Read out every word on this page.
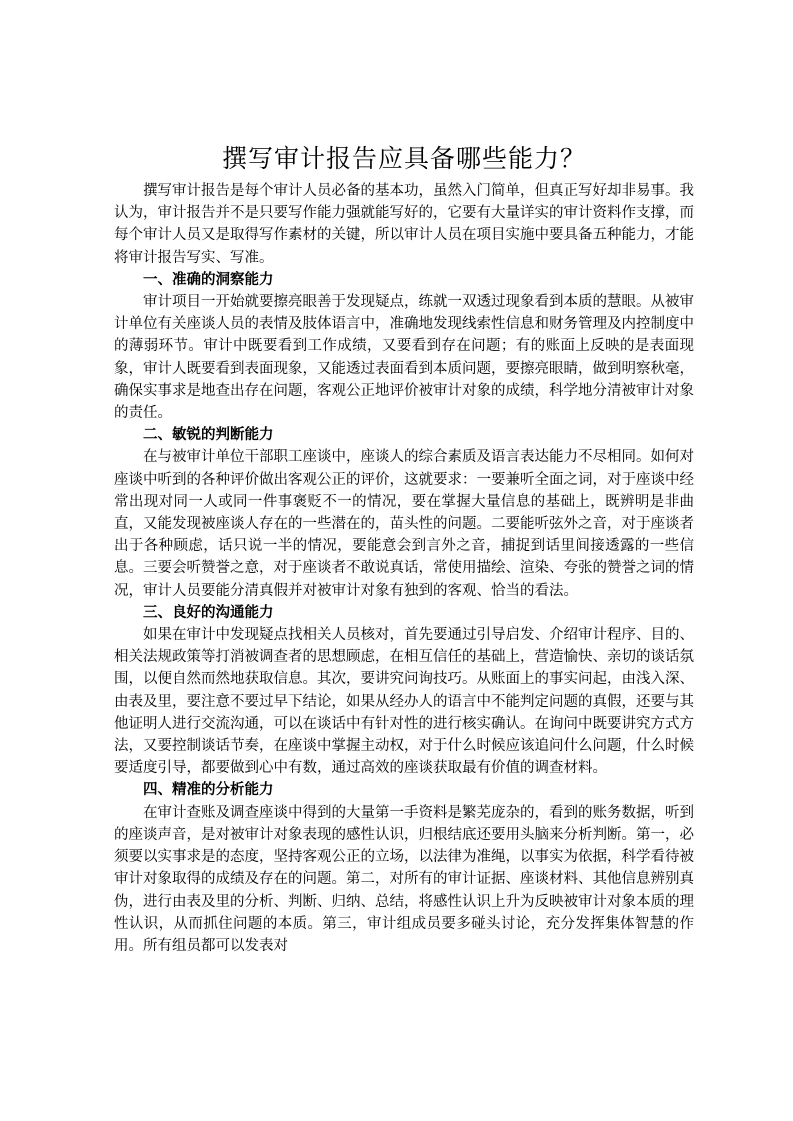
撰写审计报告应具备哪些能力？

撰写审计报告是每个审计人员必备的基本功，虽然入门简单，但真正写好却非易事。我认为，审计报告并不是只要写作能力强就能写好的，它要有大量详实的审计资料作支撑，而每个审计人员又是取得写作素材的关键，所以审计人员在项目实施中要具备五种能力，才能将审计报告写实、写准。

一、准确的洞察能力

审计项目一开始就要擦亮眼善于发现疑点，练就一双透过现象看到本质的慧眼。从被审计单位有关座谈人员的表情及肢体语言中，准确地发现线索性信息和财务管理及内控制度中的薄弱环节。审计中既要看到工作成绩，又要看到存在问题；有的账面上反映的是表面现象，审计人既要看到表面现象，又能透过表面看到本质问题，要擦亮眼睛，做到明察秋毫，确保实事求是地查出存在问题，客观公正地评价被审计对象的成绩，科学地分清被审计对象的责任。

二、敏锐的判断能力

在与被审计单位干部职工座谈中，座谈人的综合素质及语言表达能力不尽相同。如何对座谈中听到的各种评价做出客观公正的评价，这就要求：一要兼听全面之词，对于座谈中经常出现对同一人或同一件事褒贬不一的情况，要在掌握大量信息的基础上，既辨明是非曲直，又能发现被座谈人存在的一些潜在的，苗头性的问题。二要能听弦外之音，对于座谈者出于各种顾虑，话只说一半的情况，要能意会到言外之音，捕捉到话里间接透露的一些信息。三要会听赞誉之意，对于座谈者不敢说真话，常使用描绘、渲染、夸张的赞誉之词的情况，审计人员要能分清真假并对被审计对象有独到的客观、恰当的看法。

三、良好的沟通能力

如果在审计中发现疑点找相关人员核对，首先要通过引导启发、介绍审计程序、目的、相关法规政策等打消被调查者的思想顾虑，在相互信任的基础上，营造愉快、亲切的谈话氛围，以便自然而然地获取信息。其次，要讲究问询技巧。从账面上的事实问起，由浅入深、由表及里，要注意不要过早下结论，如果从经办人的语言中不能判定问题的真假，还要与其他证明人进行交流沟通，可以在谈话中有针对性的进行核实确认。在询问中既要讲究方式方法，又要控制谈话节奏，在座谈中掌握主动权，对于什么时候应该追问什么问题，什么时候要适度引导，都要做到心中有数，通过高效的座谈获取最有价值的调查材料。

四、精准的分析能力

在审计查账及调查座谈中得到的大量第一手资料是繁芜庞杂的，看到的账务数据，听到的座谈声音，是对被审计对象表现的感性认识，归根结底还要用头脑来分析判断。第一，必须要以实事求是的态度，坚持客观公正的立场，以法律为准绳，以事实为依据，科学看待被审计对象取得的成绩及存在的问题。第二，对所有的审计证据、座谈材料、其他信息辨别真伪，进行由表及里的分析、判断、归纳、总结，将感性认识上升为反映被审计对象本质的理性认识，从而抓住问题的本质。第三，审计组成员要多碰头讨论，充分发挥集体智慧的作用。所有组员都可以发表对
